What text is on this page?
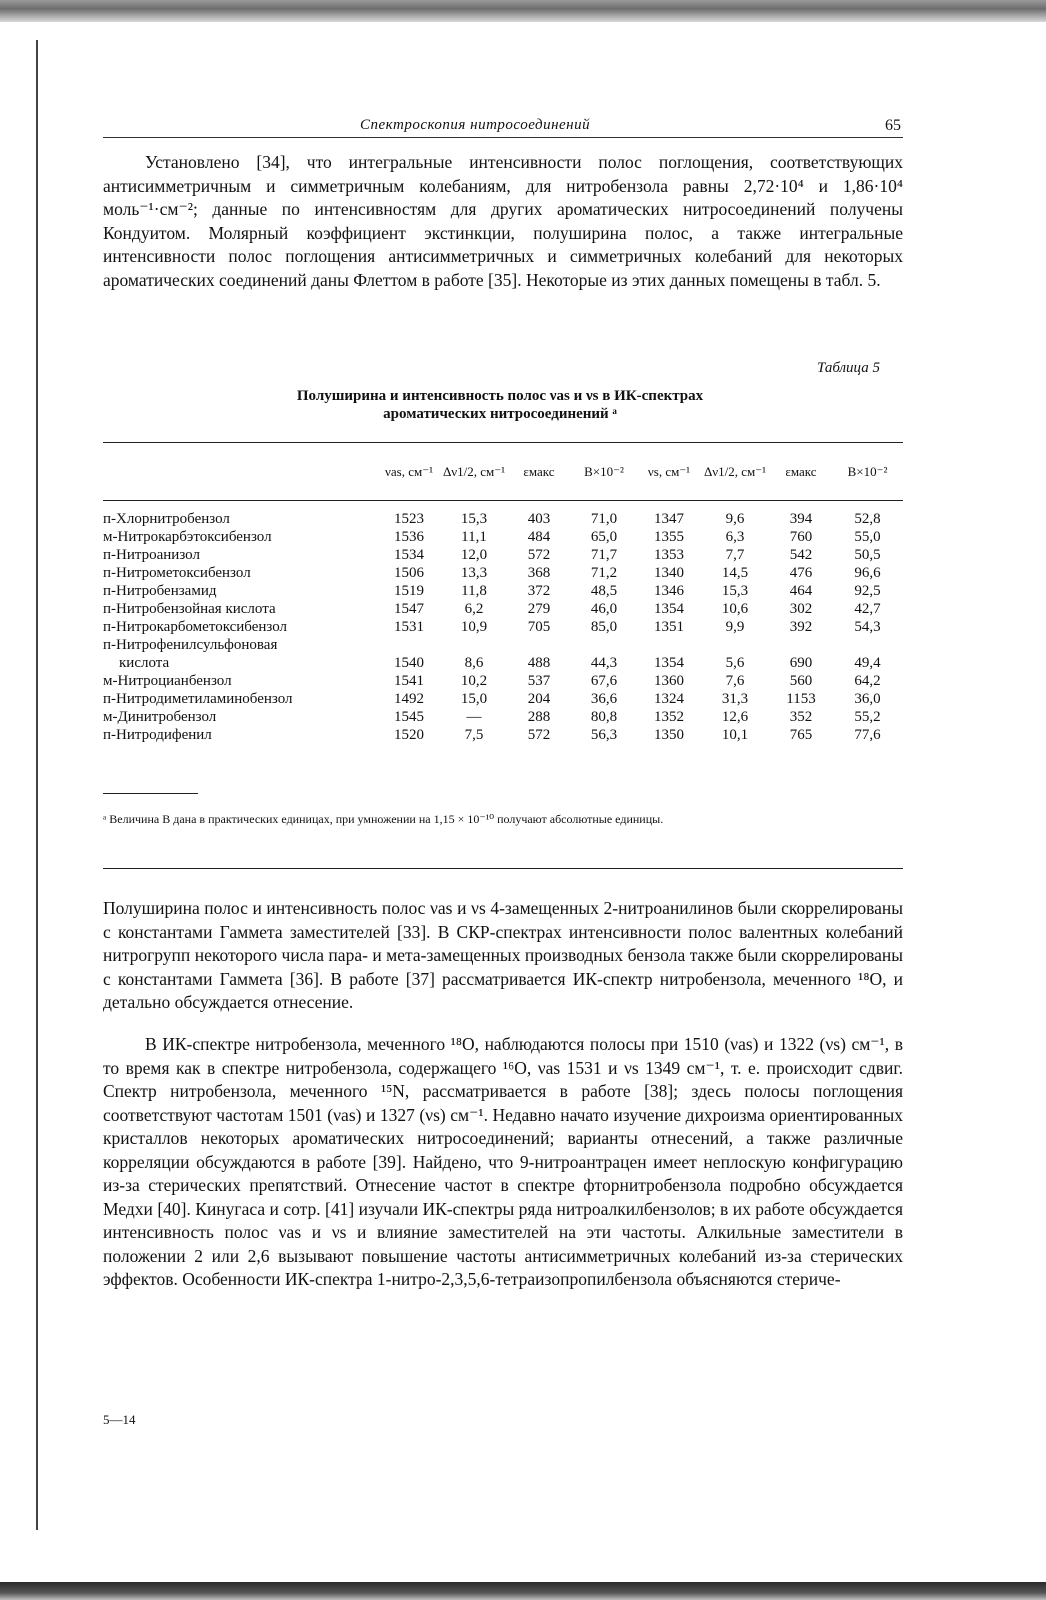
Спектроскопия нитросоединений	65
Установлено [34], что интегральные интенсивности полос поглощения, соответствующих антисимметричным и симметричным колебаниям, для нитробензола равны 2,72·10⁴ и 1,86·10⁴ моль⁻¹·см⁻²; данные по интенсивностям для других ароматических нитросоединений получены Кондуитом. Молярный коэффициент экстинкции, полуширина полос, а также интегральные интенсивности полос поглощения антисимметричных и симметричных колебаний для некоторых ароматических соединений даны Флеттом в работе [35]. Некоторые из этих данных помещены в табл. 5.
Таблица 5
Полуширина и интенсивность полос νas и νs в ИК-спектрах
ароматических нитросоединений ᵃ
	νas, см⁻¹	Δν1/2, см⁻¹	εмакс	B×10⁻²	νs, см⁻¹	Δν1/2, см⁻¹	εмакс	B×10⁻²

п-Хлорнитробензол	1523	15,3	403	71,0	1347	9,6	394	52,8
м-Нитрокарбэтоксибензол	1536	11,1	484	65,0	1355	6,3	760	55,0
п-Нитроанизол	1534	12,0	572	71,7	1353	7,7	542	50,5
п-Нитрометоксибензол	1506	13,3	368	71,2	1340	14,5	476	96,6
п-Нитробензамид	1519	11,8	372	48,5	1346	15,3	464	92,5
п-Нитробензойная кислота	1547	6,2	279	46,0	1354	10,6	302	42,7
п-Нитрокарбометоксибензол	1531	10,9	705	85,0	1351	9,9	392	54,3
п-Нитрофенилсульфоновая								
кислота	1540	8,6	488	44,3	1354	5,6	690	49,4
м-Нитроцианбензол	1541	10,2	537	67,6	1360	7,6	560	64,2
п-Нитродиметиламинобензол	1492	15,0	204	36,6	1324	31,3	1153	36,0
м-Динитробензол	1545	—	288	80,8	1352	12,6	352	55,2
п-Нитродифенил	1520	7,5	572	56,3	1350	10,1	765	77,6
ᵃ Величина B дана в практических единицах, при умножении на 1,15 × 10⁻¹⁰ получают абсолютные единицы.
Полуширина полос и интенсивность полос νas и νs 4-замещенных 2-нитроанилинов были скоррелированы с константами Гаммета заместителей [33]. В СКР-спектрах интенсивности полос валентных колебаний нитрогрупп некоторого числа пара- и мета-замещенных производных бензола также были скоррелированы с константами Гаммета [36]. В работе [37] рассматривается ИК-спектр нитробензола, меченного ¹⁸O, и детально обсуждается отнесение.
В ИК-спектре нитробензола, меченного ¹⁸O, наблюдаются полосы при 1510 (νas) и 1322 (νs) см⁻¹, в то время как в спектре нитробензола, содержащего ¹⁶O, νas 1531 и νs 1349 см⁻¹, т. е. происходит сдвиг. Спектр нитробензола, меченного ¹⁵N, рассматривается в работе [38]; здесь полосы поглощения соответствуют частотам 1501 (νas) и 1327 (νs) см⁻¹. Недавно начато изучение дихроизма ориентированных кристаллов некоторых ароматических нитросоединений; варианты отнесений, а также различные корреляции обсуждаются в работе [39]. Найдено, что 9-нитроантрацен имеет неплоскую конфигурацию из-за стерических препятствий. Отнесение частот в спектре фторнитробензола подробно обсуждается Медхи [40]. Кинугаса и сотр. [41] изучали ИК-спектры ряда нитроалкилбензолов; в их работе обсуждается интенсивность полос νas и νs и влияние заместителей на эти частоты. Алкильные заместители в положении 2 или 2,6 вызывают повышение частоты антисимметричных колебаний из-за стерических эффектов. Особенности ИК-спектра 1-нитро-2,3,5,6-тетраизопропилбензола объясняются стериче-
5—14
